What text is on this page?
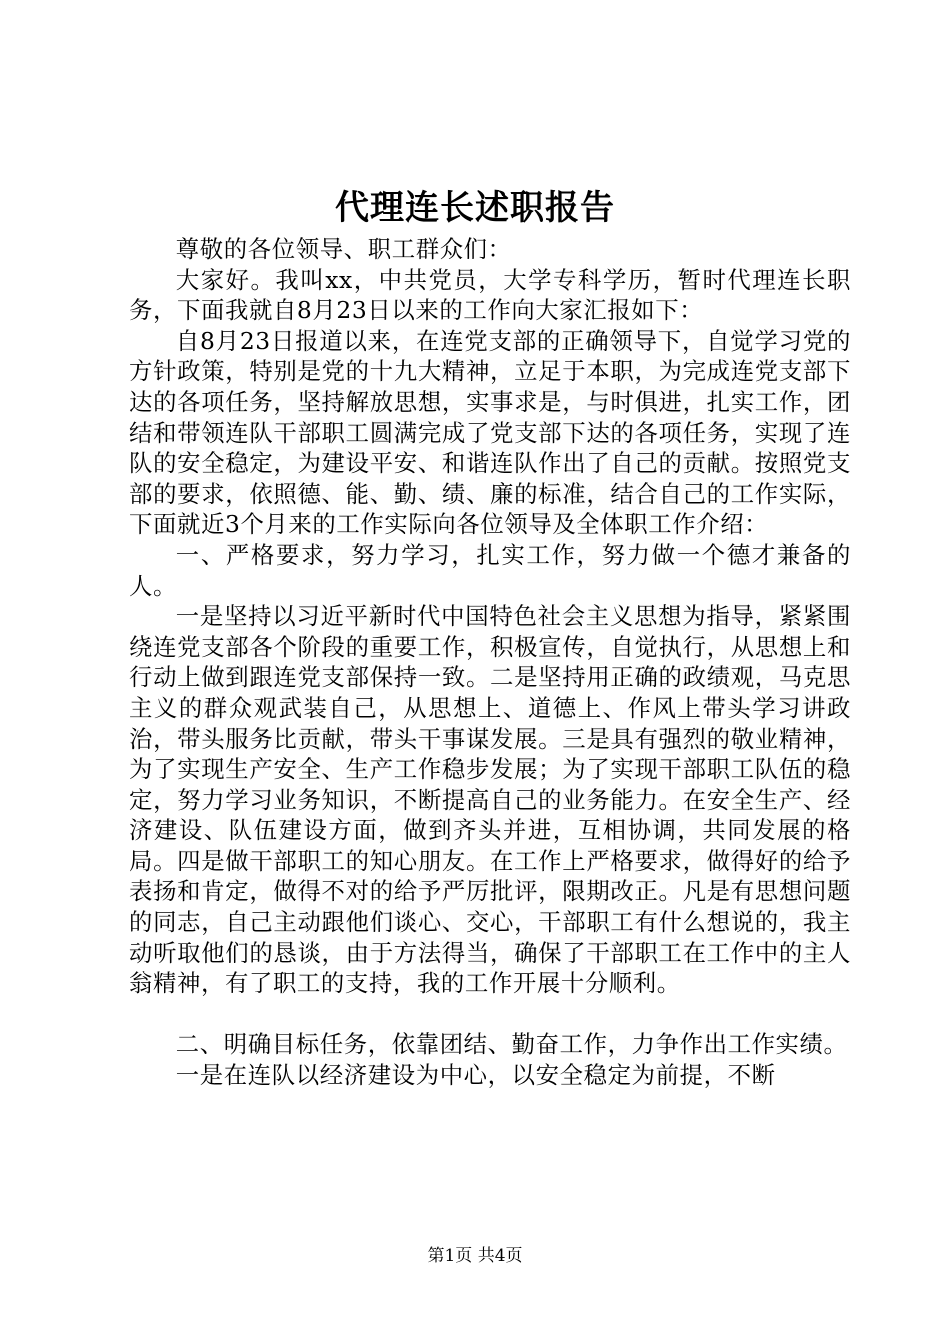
代理连长述职报告

尊敬的各位领导、职工群众们：

大家好。我叫xx，中共党员，大学专科学历，暂时代理连长职务，下面我就自8月23日以来的工作向大家汇报如下：

自8月23日报道以来，在连党支部的正确领导下，自觉学习党的方针政策，特别是党的十九大精神，立足于本职，为完成连党支部下达的各项任务，坚持解放思想，实事求是，与时俱进，扎实工作，团结和带领连队干部职工圆满完成了党支部下达的各项任务，实现了连队的安全稳定，为建设平安、和谐连队作出了自己的贡献。按照党支部的要求，依照德、能、勤、绩、廉的标准，结合自己的工作实际，下面就近3个月来的工作实际向各位领导及全体职工作介绍：

一、严格要求，努力学习，扎实工作，努力做一个德才兼备的人。

一是坚持以习近平新时代中国特色社会主义思想为指导，紧紧围绕连党支部各个阶段的重要工作，积极宣传，自觉执行，从思想上和行动上做到跟连党支部保持一致。二是坚持用正确的政绩观，马克思主义的群众观武装自己，从思想上、道德上、作风上带头学习讲政治，带头服务比贡献，带头干事谋发展。三是具有强烈的敬业精神，为了实现生产安全、生产工作稳步发展；为了实现干部职工队伍的稳定，努力学习业务知识，不断提高自己的业务能力。在安全生产、经济建设、队伍建设方面，做到齐头并进，互相协调，共同发展的格局。四是做干部职工的知心朋友。在工作上严格要求，做得好的给予表扬和肯定，做得不对的给予严厉批评，限期改正。凡是有思想问题的同志，自己主动跟他们谈心、交心，干部职工有什么想说的，我主动听取他们的恳谈，由于方法得当，确保了干部职工在工作中的主人翁精神，有了职工的支持，我的工作开展十分顺利。

二、明确目标任务，依靠团结、勤奋工作，力争作出工作实绩。

一是在连队以经济建设为中心，以安全稳定为前提，不断

第1页 共4页
